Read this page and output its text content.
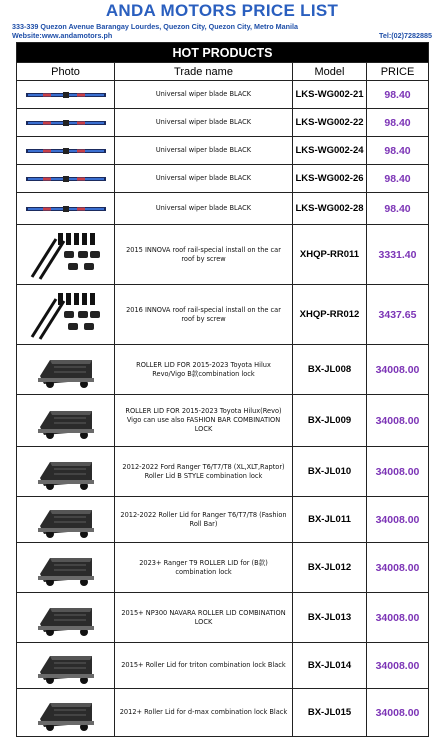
ANDA MOTORS PRICE LIST
333-339 Quezon Avenue Barangay Lourdes, Quezon City, Quezon City, Metro Manila
Website:www.andamotors.ph	Tel:(02)7282885
HOT PRODUCTS			
Photo	Trade name	Model	PRICE

	Universal wiper blade BLACK	LKS-WG002-21	98.40

	Universal wiper blade BLACK	LKS-WG002-22	98.40

	Universal wiper blade BLACK	LKS-WG002-24	98.40

	Universal wiper blade BLACK	LKS-WG002-26	98.40

	Universal wiper blade BLACK	LKS-WG002-28	98.40

	2015 INNOVA roof rail-special install on the car roof by screw	XHQP-RR011	3331.40

	2016 INNOVA roof rail-special install on the car roof by screw	XHQP-RR012	3437.65

	ROLLER LID FOR 2015-2023 Toyota Hilux Revo/Vigo B款combination lock	BX-JL008	34008.00

	ROLLER LID FOR 2015-2023 Toyota Hilux(Revo) Vigo can use also FASHION BAR COMBINATION LOCK	BX-JL009	34008.00

	2012-2022 Ford Ranger T6/T7/T8 (XL,XLT,Raptor) Roller Lid B STYLE combination lock	BX-JL010	34008.00

	2012-2022 Roller Lid for Ranger T6/T7/T8 (Fashion Roll Bar)	BX-JL011	34008.00

	2023+ Ranger T9 ROLLER LID for (B款) combination lock	BX-JL012	34008.00

	2015+ NP300 NAVARA ROLLER LID COMBINATION LOCK	BX-JL013	34008.00

	2015+ Roller Lid for triton combination lock Black	BX-JL014	34008.00

	2012+ Roller Lid for d-max combination lock Black	BX-JL015	34008.00
